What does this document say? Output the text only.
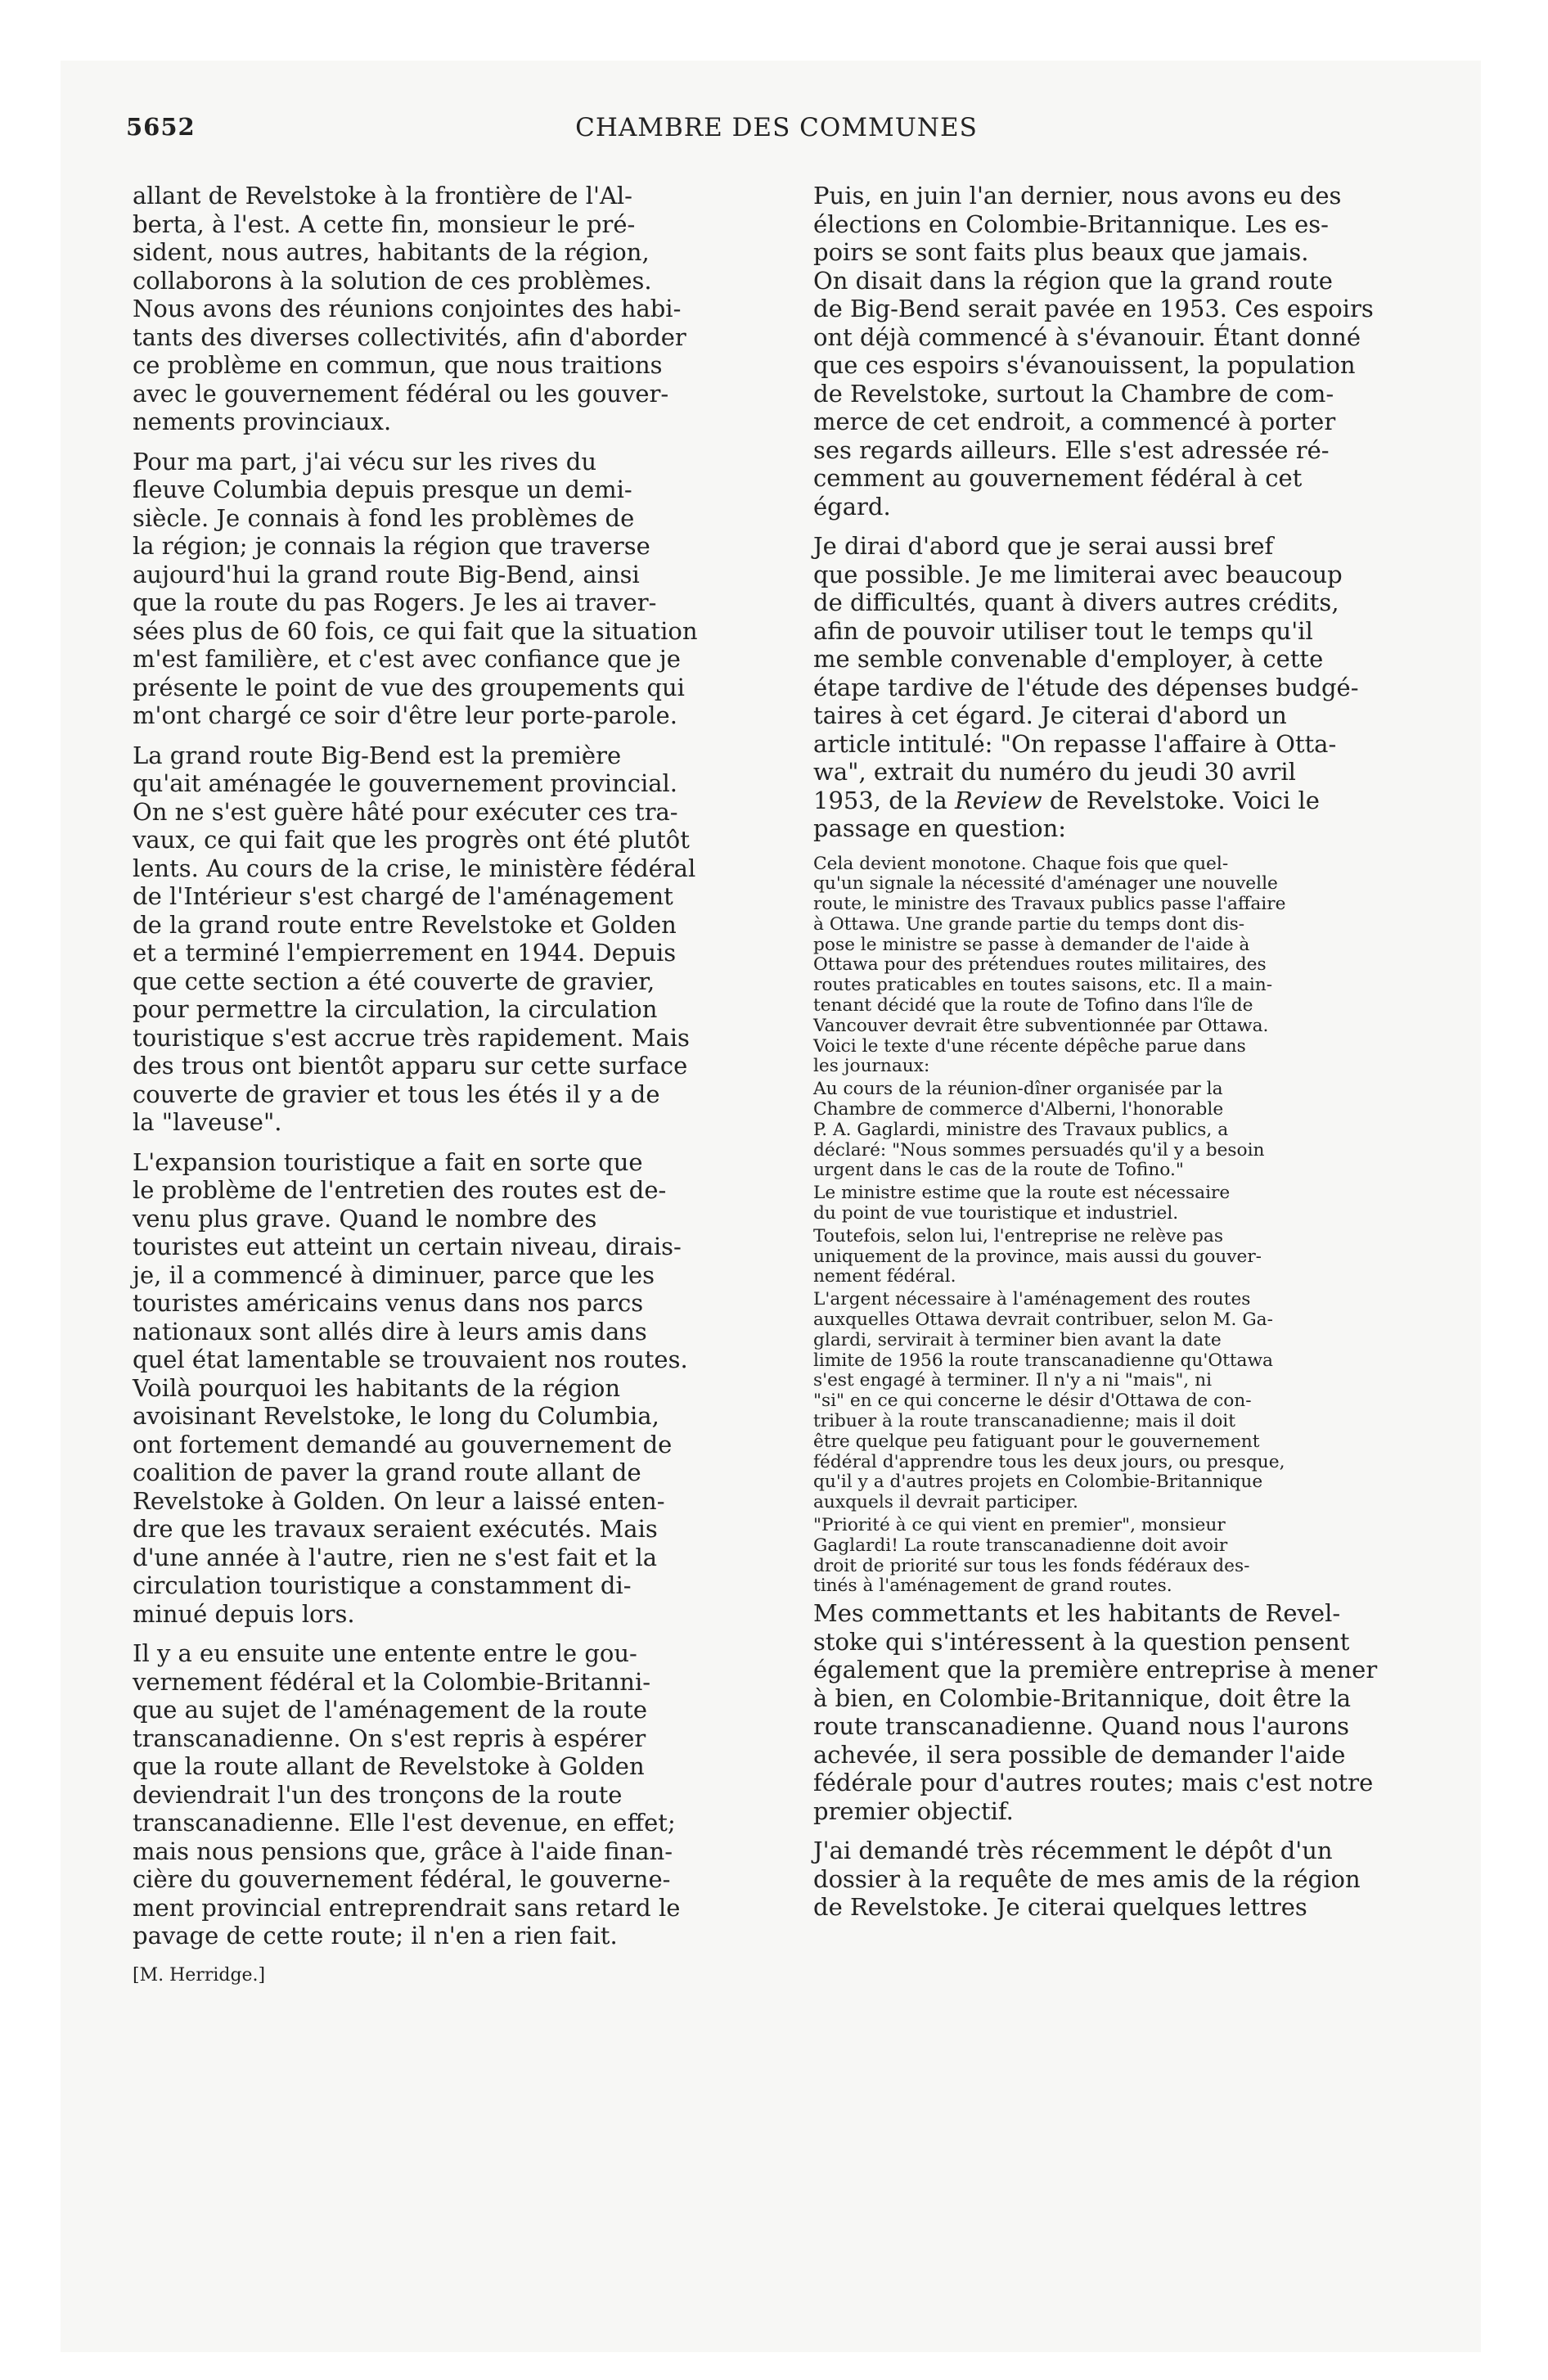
5652	CHAMBRE DES COMMUNES
allant de Revelstoke à la frontière de l'Al-
berta, à l'est. A cette fin, monsieur le pré-
sident, nous autres, habitants de la région,
collaborons à la solution de ces problèmes.
Nous avons des réunions conjointes des habi-
tants des diverses collectivités, afin d'aborder
ce problème en commun, que nous traitions
avec le gouvernement fédéral ou les gouver-
nements provinciaux.
Pour ma part, j'ai vécu sur les rives du
fleuve Columbia depuis presque un demi-
siècle. Je connais à fond les problèmes de
la région; je connais la région que traverse
aujourd'hui la grand route Big-Bend, ainsi
que la route du pas Rogers. Je les ai traver-
sées plus de 60 fois, ce qui fait que la situation
m'est familière, et c'est avec confiance que je
présente le point de vue des groupements qui
m'ont chargé ce soir d'être leur porte-parole.
La grand route Big-Bend est la première
qu'ait aménagée le gouvernement provincial.
On ne s'est guère hâté pour exécuter ces tra-
vaux, ce qui fait que les progrès ont été plutôt
lents. Au cours de la crise, le ministère fédéral
de l'Intérieur s'est chargé de l'aménagement
de la grand route entre Revelstoke et Golden
et a terminé l'empierrement en 1944. Depuis
que cette section a été couverte de gravier,
pour permettre la circulation, la circulation
touristique s'est accrue très rapidement. Mais
des trous ont bientôt apparu sur cette surface
couverte de gravier et tous les étés il y a de
la "laveuse".
L'expansion touristique a fait en sorte que
le problème de l'entretien des routes est de-
venu plus grave. Quand le nombre des
touristes eut atteint un certain niveau, dirais-
je, il a commencé à diminuer, parce que les
touristes américains venus dans nos parcs
nationaux sont allés dire à leurs amis dans
quel état lamentable se trouvaient nos routes.
Voilà pourquoi les habitants de la région
avoisinant Revelstoke, le long du Columbia,
ont fortement demandé au gouvernement de
coalition de paver la grand route allant de
Revelstoke à Golden. On leur a laissé enten-
dre que les travaux seraient exécutés. Mais
d'une année à l'autre, rien ne s'est fait et la
circulation touristique a constamment di-
minué depuis lors.
Il y a eu ensuite une entente entre le gou-
vernement fédéral et la Colombie-Britanni-
que au sujet de l'aménagement de la route
transcanadienne. On s'est repris à espérer
que la route allant de Revelstoke à Golden
deviendrait l'un des tronçons de la route
transcanadienne. Elle l'est devenue, en effet;
mais nous pensions que, grâce à l'aide finan-
cière du gouvernement fédéral, le gouverne-
ment provincial entreprendrait sans retard le
pavage de cette route; il n'en a rien fait.
[M. Herridge.]
Puis, en juin l'an dernier, nous avons eu des
élections en Colombie-Britannique. Les es-
poirs se sont faits plus beaux que jamais.
On disait dans la région que la grand route
de Big-Bend serait pavée en 1953. Ces espoirs
ont déjà commencé à s'évanouir. Étant donné
que ces espoirs s'évanouissent, la population
de Revelstoke, surtout la Chambre de com-
merce de cet endroit, a commencé à porter
ses regards ailleurs. Elle s'est adressée ré-
cemment au gouvernement fédéral à cet
égard.
Je dirai d'abord que je serai aussi bref
que possible. Je me limiterai avec beaucoup
de difficultés, quant à divers autres crédits,
afin de pouvoir utiliser tout le temps qu'il
me semble convenable d'employer, à cette
étape tardive de l'étude des dépenses budgé-
taires à cet égard. Je citerai d'abord un
article intitulé: "On repasse l'affaire à Otta-
wa", extrait du numéro du jeudi 30 avril
1953, de la Review de Revelstoke. Voici le
passage en question:
Cela devient monotone. Chaque fois que quel-
qu'un signale la nécessité d'aménager une nouvelle
route, le ministre des Travaux publics passe l'affaire
à Ottawa. Une grande partie du temps dont dis-
pose le ministre se passe à demander de l'aide à
Ottawa pour des prétendues routes militaires, des
routes praticables en toutes saisons, etc. Il a main-
tenant décidé que la route de Tofino dans l'île de
Vancouver devrait être subventionnée par Ottawa.
Voici le texte d'une récente dépêche parue dans
les journaux:
Au cours de la réunion-dîner organisée par la
Chambre de commerce d'Alberni, l'honorable
P. A. Gaglardi, ministre des Travaux publics, a
déclaré: "Nous sommes persuadés qu'il y a besoin
urgent dans le cas de la route de Tofino."
Le ministre estime que la route est nécessaire
du point de vue touristique et industriel.
Toutefois, selon lui, l'entreprise ne relève pas
uniquement de la province, mais aussi du gouver-
nement fédéral.
L'argent nécessaire à l'aménagement des routes
auxquelles Ottawa devrait contribuer, selon M. Ga-
glardi, servirait à terminer bien avant la date
limite de 1956 la route transcanadienne qu'Ottawa
s'est engagé à terminer. Il n'y a ni "mais", ni
"si" en ce qui concerne le désir d'Ottawa de con-
tribuer à la route transcanadienne; mais il doit
être quelque peu fatiguant pour le gouvernement
fédéral d'apprendre tous les deux jours, ou presque,
qu'il y a d'autres projets en Colombie-Britannique
auxquels il devrait participer.
"Priorité à ce qui vient en premier", monsieur
Gaglardi! La route transcanadienne doit avoir
droit de priorité sur tous les fonds fédéraux des-
tinés à l'aménagement de grand routes.
Mes commettants et les habitants de Revel-
stoke qui s'intéressent à la question pensent
également que la première entreprise à mener
à bien, en Colombie-Britannique, doit être la
route transcanadienne. Quand nous l'aurons
achevée, il sera possible de demander l'aide
fédérale pour d'autres routes; mais c'est notre
premier objectif.
J'ai demandé très récemment le dépôt d'un
dossier à la requête de mes amis de la région
de Revelstoke. Je citerai quelques lettres
